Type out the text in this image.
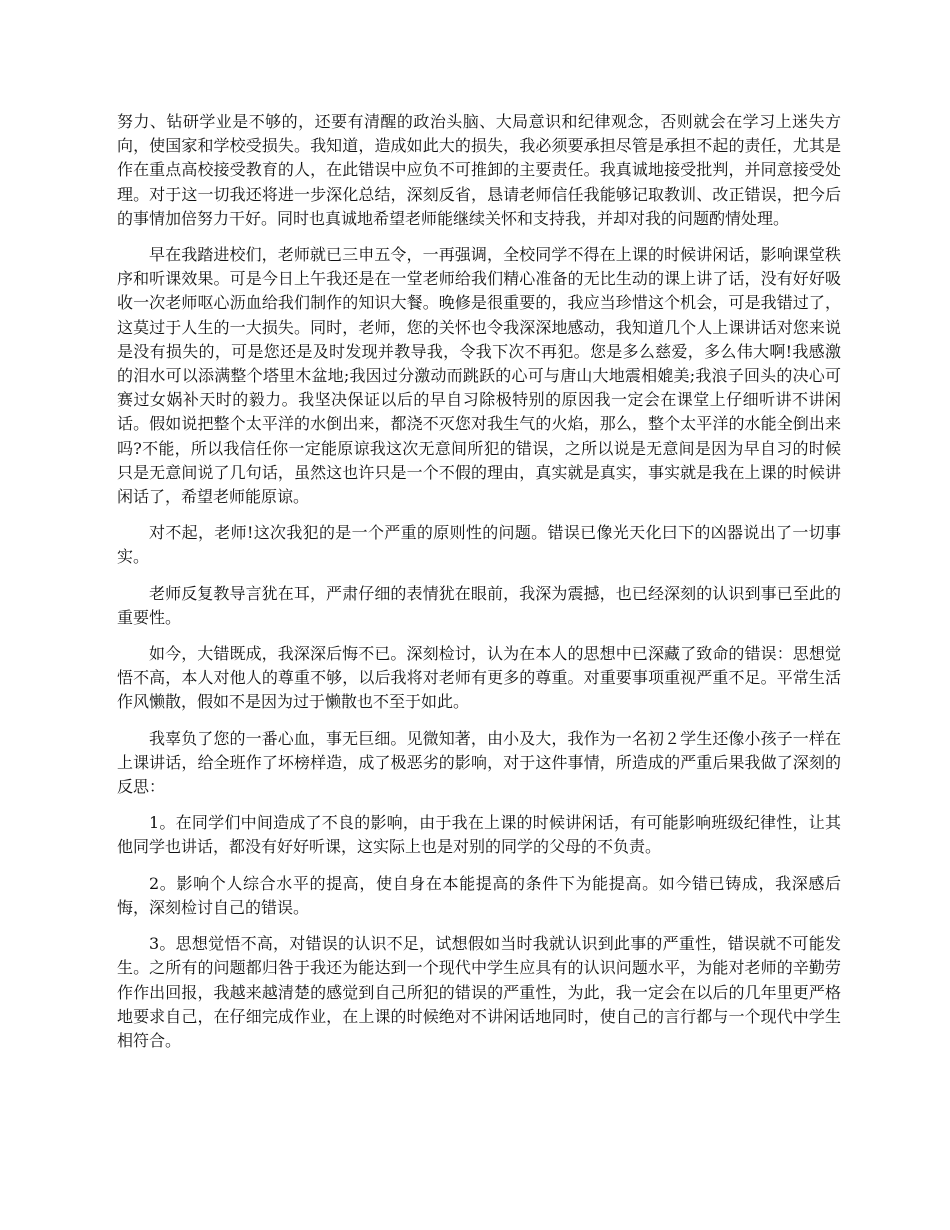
努力、钻研学业是不够的，还要有清醒的政治头脑、大局意识和纪律观念，否则就会在学习上迷失方向，使国家和学校受损失。我知道，造成如此大的损失，我必须要承担尽管是承担不起的责任，尤其是作在重点高校接受教育的人，在此错误中应负不可推卸的主要责任。我真诚地接受批判，并同意接受处理。对于这一切我还将进一步深化总结，深刻反省，恳请老师信任我能够记取教训、改正错误，把今后的事情加倍努力干好。同时也真诚地希望老师能继续关怀和支持我，并却对我的问题酌情处理。

早在我踏进校们，老师就已三申五令，一再强调，全校同学不得在上课的时候讲闲话，影响课堂秩序和听课效果。可是今日上午我还是在一堂老师给我们精心准备的无比生动的课上讲了话，没有好好吸收一次老师呕心沥血给我们制作的知识大餐。晚修是很重要的，我应当珍惜这个机会，可是我错过了，这莫过于人生的一大损失。同时，老师，您的关怀也令我深深地感动，我知道几个人上课讲话对您来说是没有损失的，可是您还是及时发现并教导我，令我下次不再犯。您是多么慈爱，多么伟大啊!我感激的泪水可以添满整个塔里木盆地;我因过分激动而跳跃的心可与唐山大地震相媲美;我浪子回头的决心可赛过女娲补天时的毅力。我坚决保证以后的早自习除极特别的原因我一定会在课堂上仔细听讲不讲闲话。假如说把整个太平洋的水倒出来，都浇不灭您对我生气的火焰，那么，整个太平洋的水能全倒出来吗?不能，所以我信任你一定能原谅我这次无意间所犯的错误，之所以说是无意间是因为早自习的时候只是无意间说了几句话，虽然这也许只是一个不假的理由，真实就是真实，事实就是我在上课的时候讲闲话了，希望老师能原谅。

对不起，老师!这次我犯的是一个严重的原则性的问题。错误已像光天化曰下的凶器说出了一切事实。

老师反复教导言犹在耳，严肃仔细的表情犹在眼前，我深为震撼，也已经深刻的认识到事已至此的重要性。

如今，大错既成，我深深后悔不已。深刻检讨，认为在本人的思想中已深藏了致命的错误：思想觉悟不高，本人对他人的尊重不够，以后我将对老师有更多的尊重。对重要事项重视严重不足。平常生活作风懒散，假如不是因为过于懒散也不至于如此。

我辜负了您的一番心血，事无巨细。见微知著，由小及大，我作为一名初２学生还像小孩子一样在上课讲话，给全班作了坏榜样造，成了极恶劣的影响，对于这件事情，所造成的严重后果我做了深刻的反思：

1。在同学们中间造成了不良的影响，由于我在上课的时候讲闲话，有可能影响班级纪律性，让其他同学也讲话，都没有好好听课，这实际上也是对别的同学的父母的不负责。

2。影响个人综合水平的提高，使自身在本能提高的条件下为能提高。如今错已铸成，我深感后悔，深刻检讨自己的错误。

3。思想觉悟不高，对错误的认识不足，试想假如当时我就认识到此事的严重性，错误就不可能发生。之所有的问题都归咎于我还为能达到一个现代中学生应具有的认识问题水平，为能对老师的辛勤劳作作出回报，我越来越清楚的感觉到自己所犯的错误的严重性，为此，我一定会在以后的几年里更严格地要求自己，在仔细完成作业，在上课的时候绝对不讲闲话地同时，使自己的言行都与一个现代中学生相符合。
